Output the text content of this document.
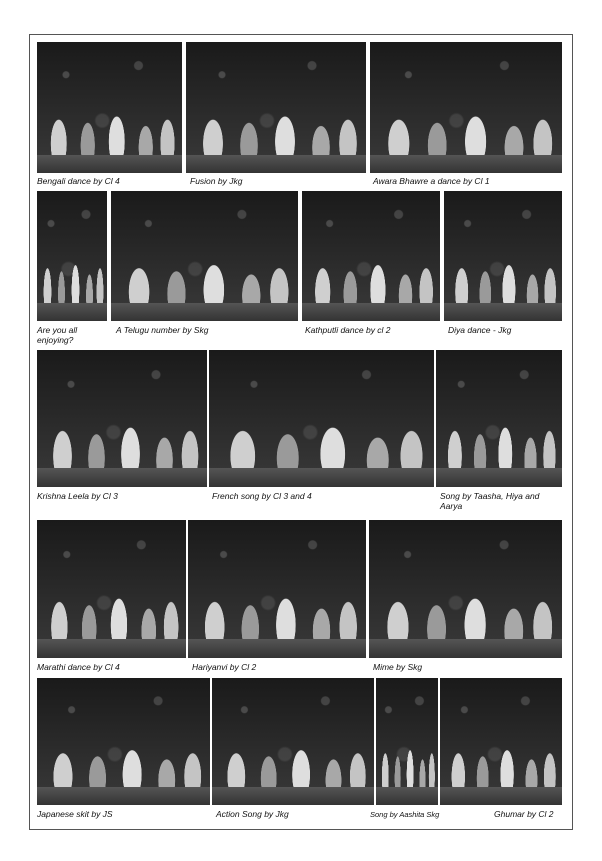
Bengali dance by Cl 4	Fusion by Jkg	Awara Bhawre a dance by Cl 1
Are you all enjoying?
A Telugu number by Skg	Kathputli dance by cl 2	Diya dance - Jkg
Krishna Leela by Cl 3	French song by Cl 3 and 4	Song by Taasha, Hiya and Aarya
Marathi dance by Cl 4	Hariyanvi by Cl 2	Mime by Skg
Japanese skit by JS	Action Song by Jkg	Song by Aashita Skg	Ghumar by Cl 2
